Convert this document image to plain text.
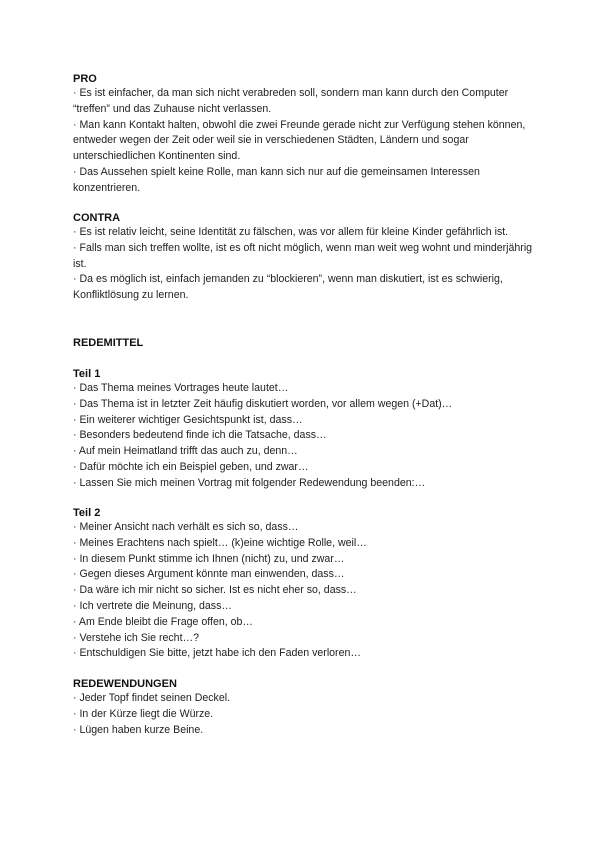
PRO

· Es ist einfacher, da man sich nicht verabreden soll, sondern man kann durch den Computer “treffen” und das Zuhause nicht verlassen.
· Man kann Kontakt halten, obwohl die zwei Freunde gerade nicht zur Verfügung stehen können, entweder wegen der Zeit oder weil sie in verschiedenen Städten, Ländern und sogar unterschiedlichen Kontinenten sind.
· Das Aussehen spielt keine Rolle, man kann sich nur auf die gemeinsamen Interessen konzentrieren.

CONTRA

· Es ist relativ leicht, seine Identität zu fälschen, was vor allem für kleine Kinder gefährlich ist.
· Falls man sich treffen wollte, ist es oft nicht möglich, wenn man weit weg wohnt und minderjährig ist.
· Da es möglich ist, einfach jemanden zu “blockieren”, wenn man diskutiert, ist es schwierig, Konfliktlösung zu lernen.

REDEMITTEL

Teil 1

· Das Thema meines Vortrages heute lautet…
· Das Thema ist in letzter Zeit häufig diskutiert worden, vor allem wegen (+Dat)…
· Ein weiterer wichtiger Gesichtspunkt ist, dass…
· Besonders bedeutend finde ich die Tatsache, dass…
· Auf mein Heimatland trifft das auch zu, denn…
· Dafür möchte ich ein Beispiel geben, und zwar…
· Lassen Sie mich meinen Vortrag mit folgender Redewendung beenden:…

Teil 2

· Meiner Ansicht nach verhält es sich so, dass…
· Meines Erachtens nach spielt… (k)eine wichtige Rolle, weil…
· In diesem Punkt stimme ich Ihnen (nicht) zu, und zwar…
· Gegen dieses Argument könnte man einwenden, dass…
· Da wäre ich mir nicht so sicher. Ist es nicht eher so, dass…
· Ich vertrete die Meinung, dass…
· Am Ende bleibt die Frage offen, ob…
· Verstehe ich Sie recht…?
· Entschuldigen Sie bitte, jetzt habe ich den Faden verloren…

REDEWENDUNGEN

· Jeder Topf findet seinen Deckel.
· In der Kürze liegt die Würze.
· Lügen haben kurze Beine.
